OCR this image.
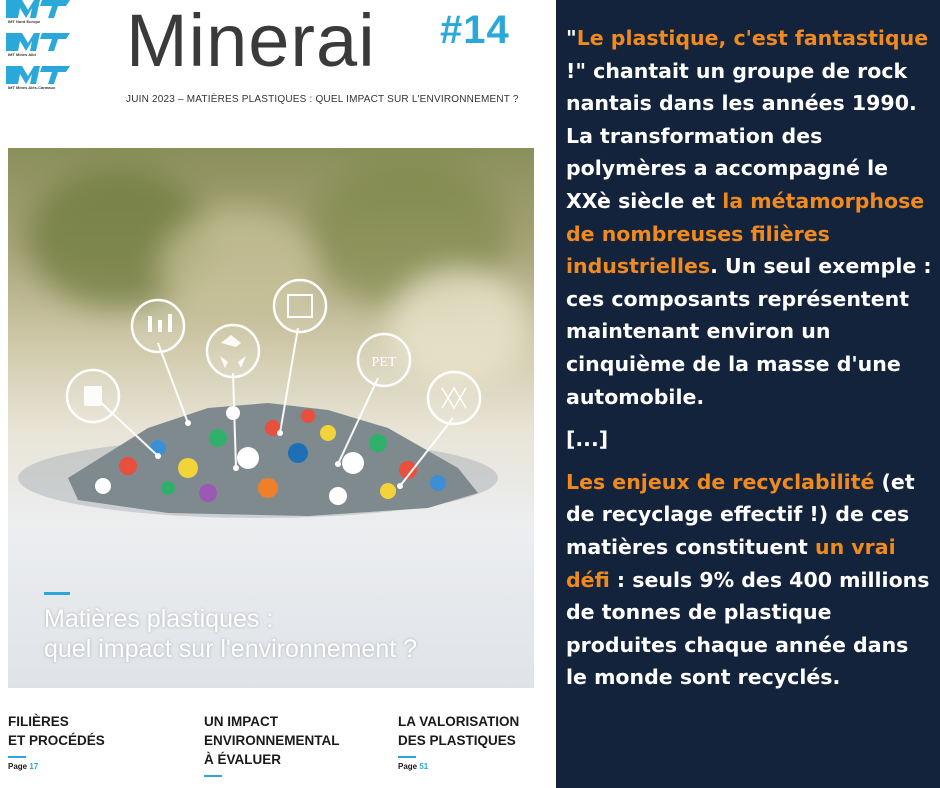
IMT Nord Europe
IMT Mines Albi
IMT Mines Alès-Carmaux
Minerai #14
JUIN 2023 – MATIÈRES PLASTIQUES : QUEL IMPACT SUR L'ENVIRONNEMENT ?
PET
Matières plastiques :
quel impact sur l'environnement ?
FILIÈRES
ET PROCÉDÉS
Page 17
UN IMPACT
ENVIRONNEMENTAL
À ÉVALUER
LA VALORISATION
DES PLASTIQUES
Page 51

"Le plastique, c'est fantastique !" chantait un groupe de rock nantais dans les années 1990. La transformation des polymères a accompagné le XXè siècle et la métamorphose de nombreuses filières industrielles. Un seul exemple : ces composants représentent maintenant environ un cinquième de la masse d'une automobile.

[...]

Les enjeux de recyclabilité (et de recyclage effectif !) de ces matières constituent un vrai défi : seuls 9% des 400 millions de tonnes de plastique produites chaque année dans le monde sont recyclés.
